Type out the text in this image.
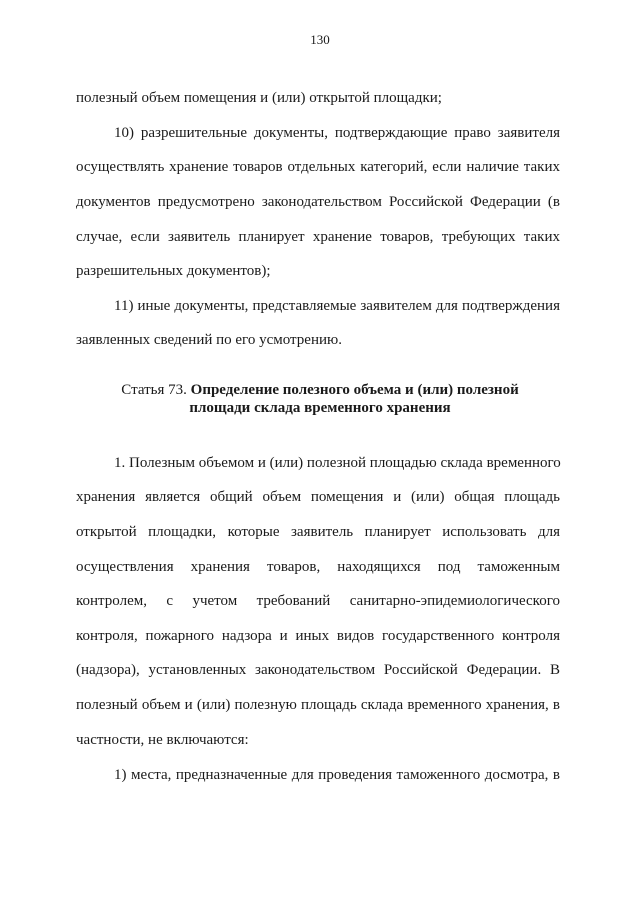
130
полезный объем помещения и (или) открытой площадки;
10) разрешительные документы, подтверждающие право заявителя
осуществлять хранение товаров отдельных категорий, если наличие таких
документов предусмотрено законодательством Российской Федерации (в
случае, если заявитель планирует хранение товаров, требующих таких
разрешительных документов);
11) иные документы, представляемые заявителем для подтверждения
заявленных сведений по его усмотрению.
Статья 73. Определение полезного объема и (или) полезной
площади склада временного хранения
1. Полезным объемом и (или) полезной площадью склада временного
хранения является общий объем помещения и (или) общая площадь
открытой площадки, которые заявитель планирует использовать для
осуществления хранения товаров, находящихся под таможенным
контролем, с учетом требований санитарно-эпидемиологического
контроля, пожарного надзора и иных видов государственного контроля
(надзора), установленных законодательством Российской Федерации. В
полезный объем и (или) полезную площадь склада временного хранения, в
частности, не включаются:
1) места, предназначенные для проведения таможенного досмотра, в
